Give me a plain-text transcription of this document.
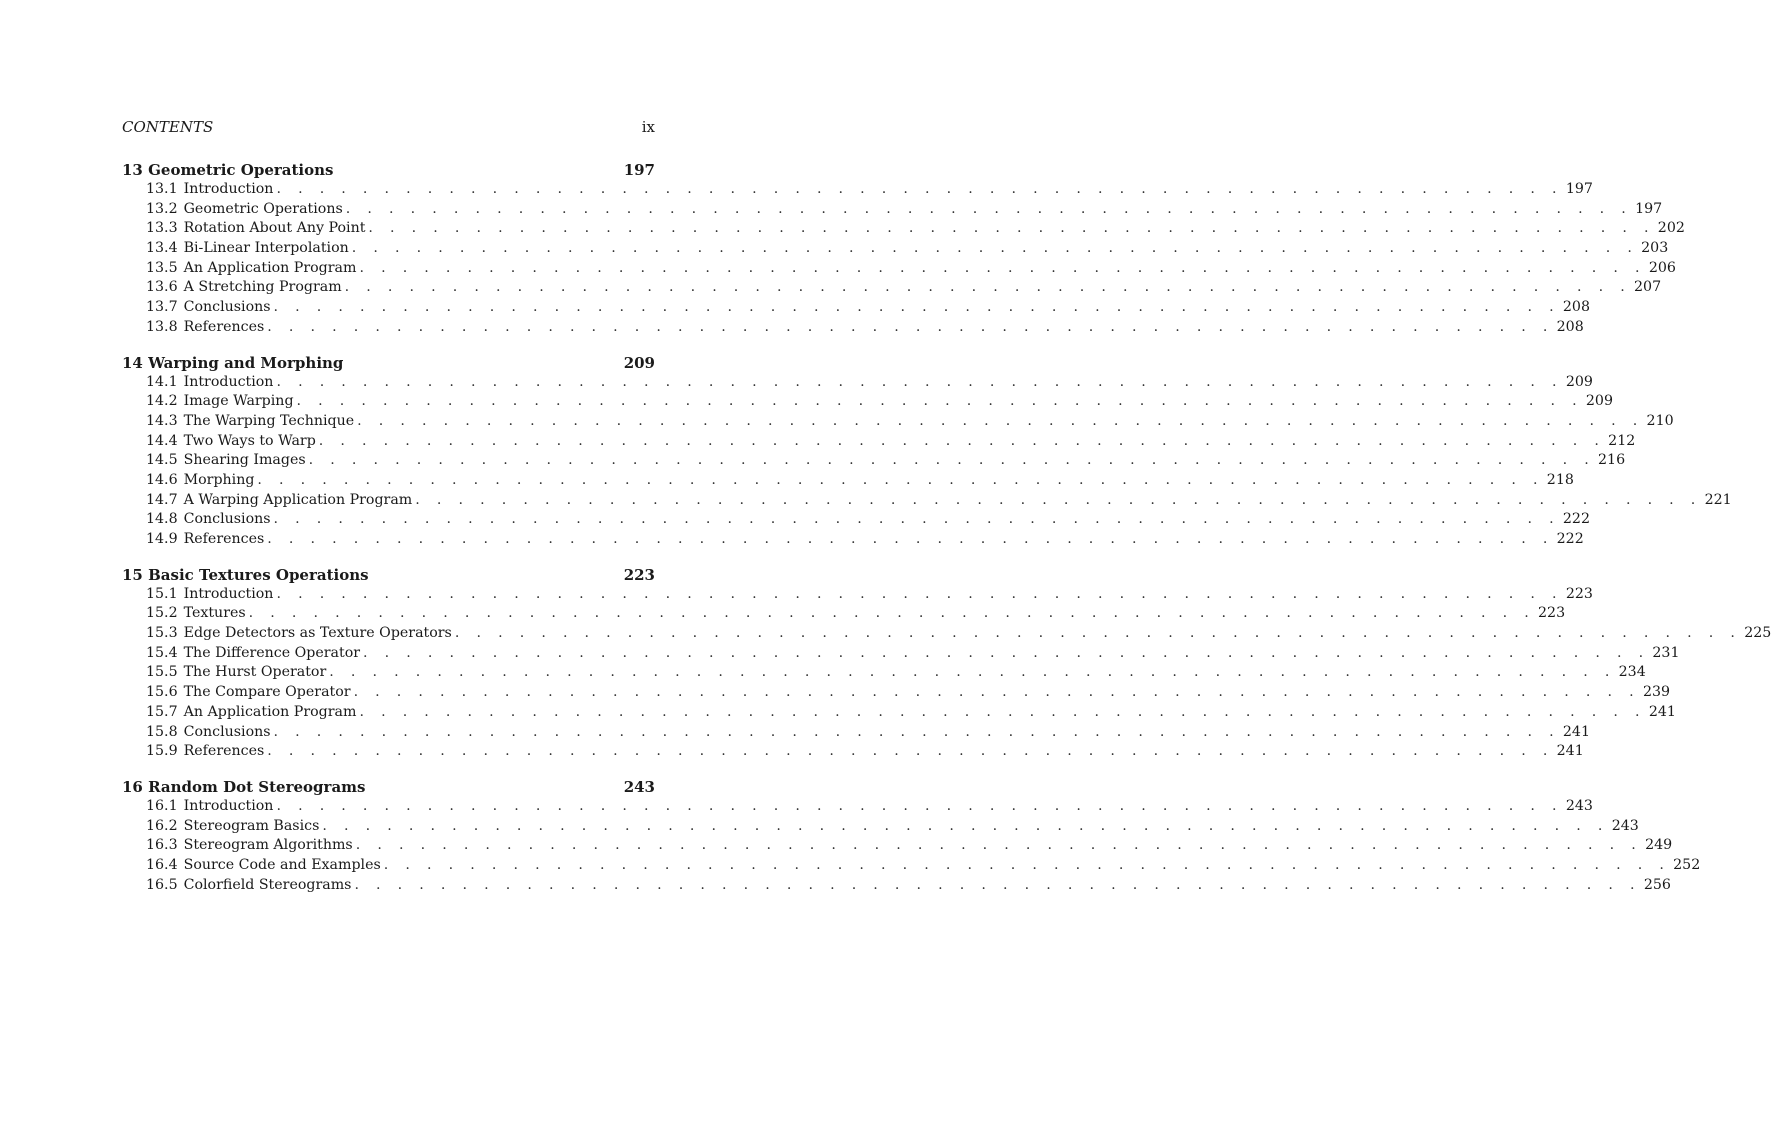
CONTENTS	ix
13 Geometric Operations	197
13.1 Introduction . . . . . . . . . . . . . . . . . . . . . . . . . . . . . . . . . . . . . . . . . . . . . . . . . . . . . . . . . . . . 197
13.2 Geometric Operations . . . . . . . . . . . . . . . . . . . . . . . . . . . . . . . . . . . . . . . . . . . . . . . . . . . . . . . . . . . . 197
13.3 Rotation About Any Point . . . . . . . . . . . . . . . . . . . . . . . . . . . . . . . . . . . . . . . . . . . . . . . . . . . . . . . . . . . . 202
13.4 Bi-Linear Interpolation . . . . . . . . . . . . . . . . . . . . . . . . . . . . . . . . . . . . . . . . . . . . . . . . . . . . . . . . . . . . 203
13.5 An Application Program . . . . . . . . . . . . . . . . . . . . . . . . . . . . . . . . . . . . . . . . . . . . . . . . . . . . . . . . . . . . 206
13.6 A Stretching Program . . . . . . . . . . . . . . . . . . . . . . . . . . . . . . . . . . . . . . . . . . . . . . . . . . . . . . . . . . . . 207
13.7 Conclusions . . . . . . . . . . . . . . . . . . . . . . . . . . . . . . . . . . . . . . . . . . . . . . . . . . . . . . . . . . . . 208
13.8 References . . . . . . . . . . . . . . . . . . . . . . . . . . . . . . . . . . . . . . . . . . . . . . . . . . . . . . . . . . . . 208
14 Warping and Morphing	209
14.1 Introduction . . . . . . . . . . . . . . . . . . . . . . . . . . . . . . . . . . . . . . . . . . . . . . . . . . . . . . . . . . . . 209
14.2 Image Warping . . . . . . . . . . . . . . . . . . . . . . . . . . . . . . . . . . . . . . . . . . . . . . . . . . . . . . . . . . . . 209
14.3 The Warping Technique . . . . . . . . . . . . . . . . . . . . . . . . . . . . . . . . . . . . . . . . . . . . . . . . . . . . . . . . . . . . 210
14.4 Two Ways to Warp . . . . . . . . . . . . . . . . . . . . . . . . . . . . . . . . . . . . . . . . . . . . . . . . . . . . . . . . . . . . 212
14.5 Shearing Images . . . . . . . . . . . . . . . . . . . . . . . . . . . . . . . . . . . . . . . . . . . . . . . . . . . . . . . . . . . . 216
14.6 Morphing . . . . . . . . . . . . . . . . . . . . . . . . . . . . . . . . . . . . . . . . . . . . . . . . . . . . . . . . . . . . 218
14.7 A Warping Application Program . . . . . . . . . . . . . . . . . . . . . . . . . . . . . . . . . . . . . . . . . . . . . . . . . . . . . . . . . . . . 221
14.8 Conclusions . . . . . . . . . . . . . . . . . . . . . . . . . . . . . . . . . . . . . . . . . . . . . . . . . . . . . . . . . . . . 222
14.9 References . . . . . . . . . . . . . . . . . . . . . . . . . . . . . . . . . . . . . . . . . . . . . . . . . . . . . . . . . . . . 222
15 Basic Textures Operations	223
15.1 Introduction . . . . . . . . . . . . . . . . . . . . . . . . . . . . . . . . . . . . . . . . . . . . . . . . . . . . . . . . . . . . 223
15.2 Textures . . . . . . . . . . . . . . . . . . . . . . . . . . . . . . . . . . . . . . . . . . . . . . . . . . . . . . . . . . . . 223
15.3 Edge Detectors as Texture Operators . . . . . . . . . . . . . . . . . . . . . . . . . . . . . . . . . . . . . . . . . . . . . . . . . . . . . . . . . . . . 225
15.4 The Difference Operator . . . . . . . . . . . . . . . . . . . . . . . . . . . . . . . . . . . . . . . . . . . . . . . . . . . . . . . . . . . . 231
15.5 The Hurst Operator . . . . . . . . . . . . . . . . . . . . . . . . . . . . . . . . . . . . . . . . . . . . . . . . . . . . . . . . . . . . 234
15.6 The Compare Operator . . . . . . . . . . . . . . . . . . . . . . . . . . . . . . . . . . . . . . . . . . . . . . . . . . . . . . . . . . . . 239
15.7 An Application Program . . . . . . . . . . . . . . . . . . . . . . . . . . . . . . . . . . . . . . . . . . . . . . . . . . . . . . . . . . . . 241
15.8 Conclusions . . . . . . . . . . . . . . . . . . . . . . . . . . . . . . . . . . . . . . . . . . . . . . . . . . . . . . . . . . . . 241
15.9 References . . . . . . . . . . . . . . . . . . . . . . . . . . . . . . . . . . . . . . . . . . . . . . . . . . . . . . . . . . . . 241
16 Random Dot Stereograms	243
16.1 Introduction . . . . . . . . . . . . . . . . . . . . . . . . . . . . . . . . . . . . . . . . . . . . . . . . . . . . . . . . . . . . 243
16.2 Stereogram Basics . . . . . . . . . . . . . . . . . . . . . . . . . . . . . . . . . . . . . . . . . . . . . . . . . . . . . . . . . . . . 243
16.3 Stereogram Algorithms . . . . . . . . . . . . . . . . . . . . . . . . . . . . . . . . . . . . . . . . . . . . . . . . . . . . . . . . . . . . 249
16.4 Source Code and Examples . . . . . . . . . . . . . . . . . . . . . . . . . . . . . . . . . . . . . . . . . . . . . . . . . . . . . . . . . . . . 252
16.5 Colorfield Stereograms . . . . . . . . . . . . . . . . . . . . . . . . . . . . . . . . . . . . . . . . . . . . . . . . . . . . . . . . . . . . 256
